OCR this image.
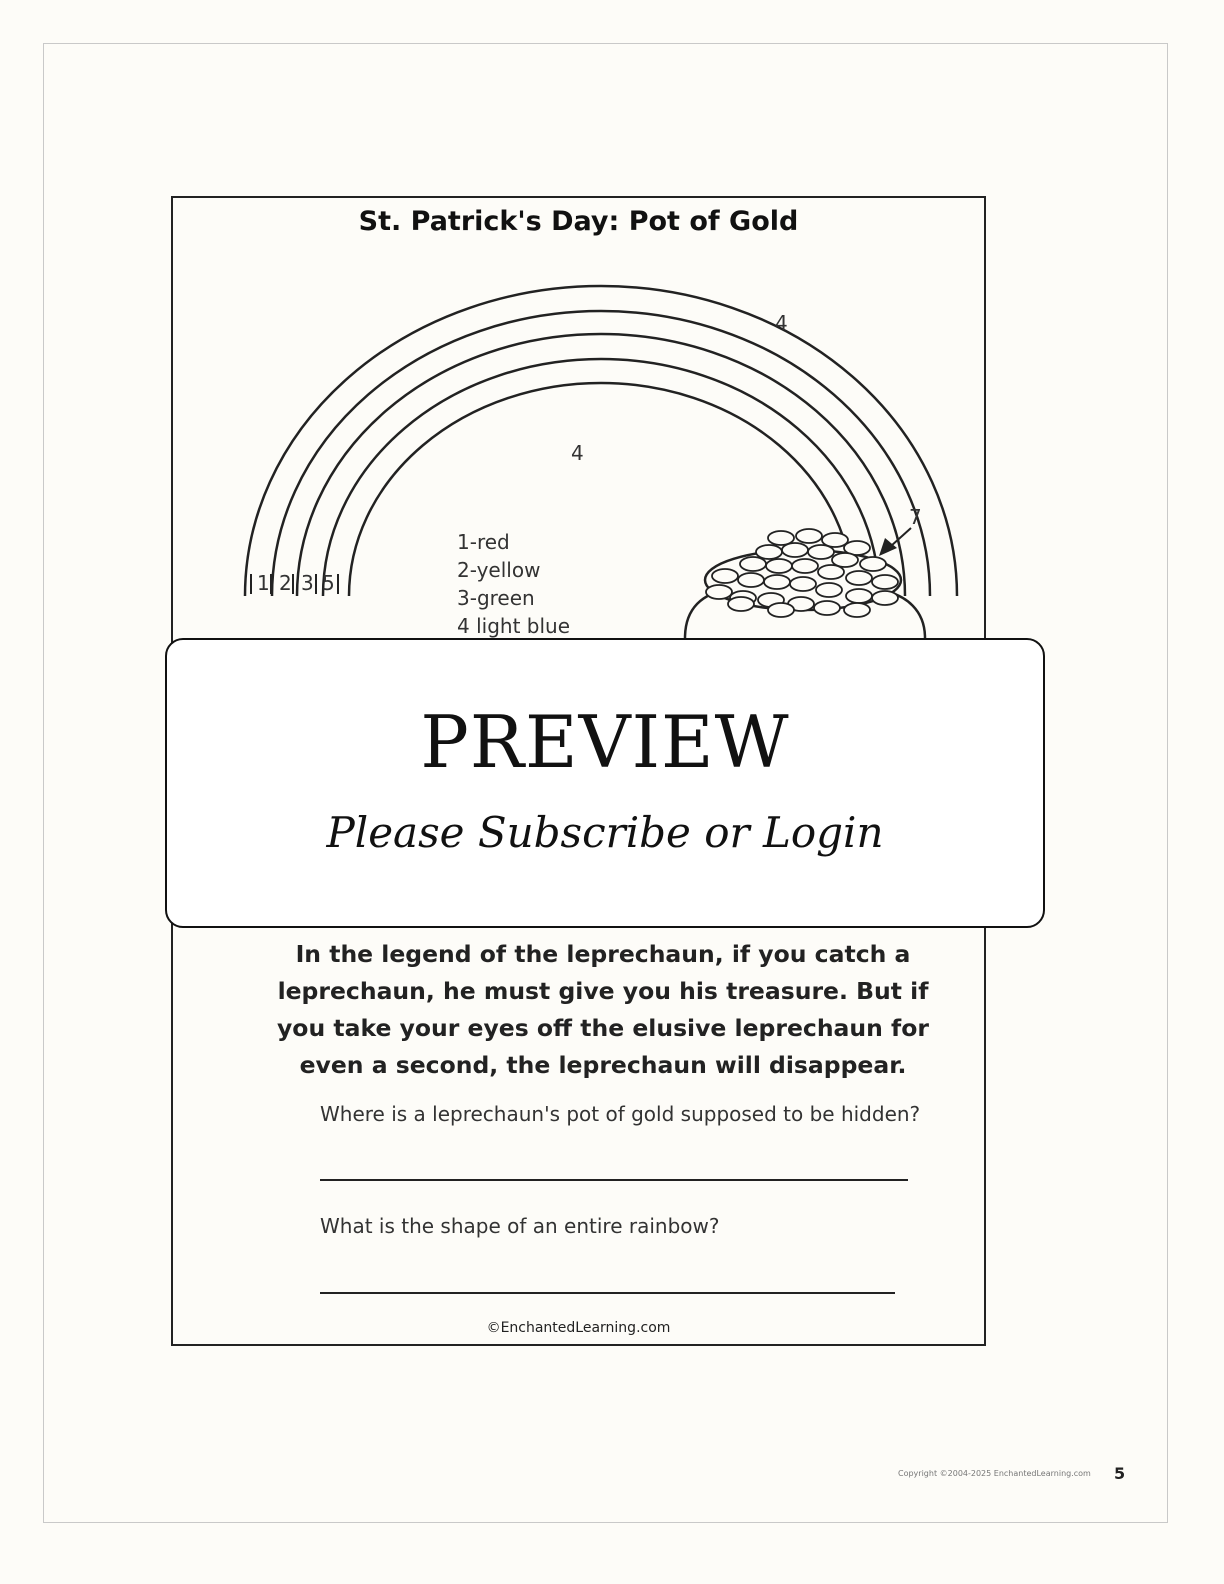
St. Patrick's Day: Pot of Gold
4
4
7
1 2 3 5
1-red
2-yellow
3-green
4 light blue
In the legend of the leprechaun, if you catch a leprechaun, he must give you his treasure. But if you take your eyes off the elusive leprechaun for even a second, the leprechaun will disappear.
Where is a leprechaun's pot of gold supposed to be hidden?
What is the shape of an entire rainbow?
©EnchantedLearning.com
PREVIEW
Please Subscribe or Login
Copyright ©2004-2025 EnchantedLearning.com 5
